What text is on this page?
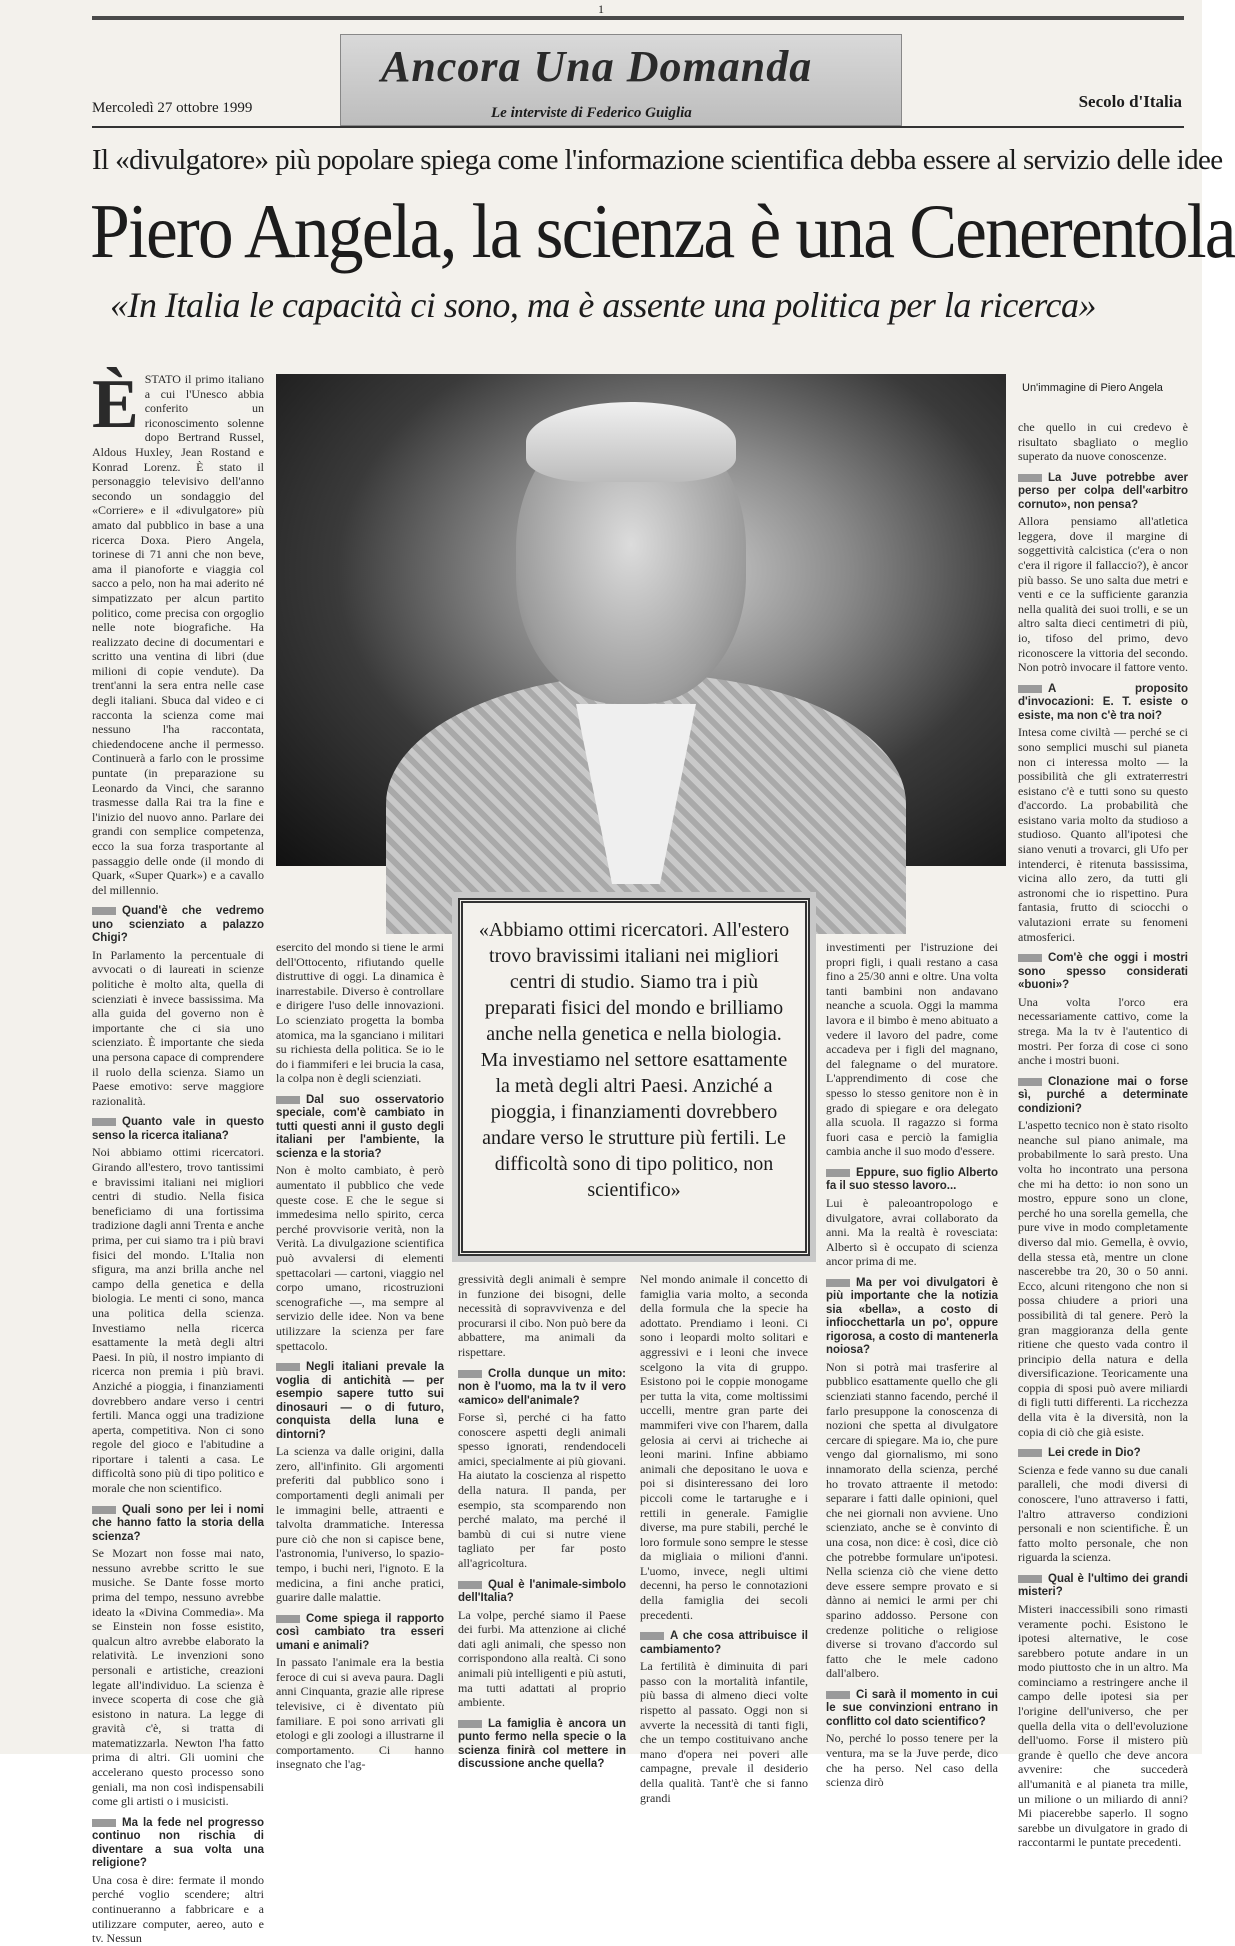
1
Ancora Una Domanda
Le interviste di Federico Guiglia
Mercoledì 27 ottobre 1999	Secolo d'Italia
Il «divulgatore» più popolare spiega come l'informazione scientifica debba essere al servizio delle idee
Piero Angela, la scienza è una Cenerentola
«In Italia le capacità ci sono, ma è assente una politica per la ricerca»
È STATO il primo italiano a cui l'Unesco abbia conferito un riconoscimento solenne dopo Bertrand Russel, Aldous Huxley, Jean Rostand e Konrad Lorenz. È stato il personaggio televisivo dell'anno secondo un sondaggio del «Corriere» e il «divulgatore» più amato dal pubblico in base a una ricerca Doxa. Piero Angela, torinese di 71 anni che non beve, ama il pianoforte e viaggia col sacco a pelo, non ha mai aderito né simpatizzato per alcun partito politico, come precisa con orgoglio nelle note biografiche. Ha realizzato decine di documentari e scritto una ventina di libri (due milioni di copie vendute). Da trent'anni la sera entra nelle case degli italiani. Sbuca dal video e ci racconta la scienza come mai nessuno l'ha raccontata, chiedendocene anche il permesso. Continuerà a farlo con le prossime puntate (in preparazione su Leonardo da Vinci, che saranno trasmesse dalla Rai tra la fine e l'inizio del nuovo anno. Parlare dei grandi con semplice competenza, ecco la sua forza trasportante al passaggio delle onde (il mondo di Quark, «Super Quark») e a cavallo del millennio.

Quand'è che vedremo uno scienziato a palazzo Chigi?

In Parlamento la percentuale di avvocati o di laureati in scienze politiche è molto alta, quella di scienziati è invece bassissima. Ma alla guida del governo non è importante che ci sia uno scienziato. È importante che sieda una persona capace di comprendere il ruolo della scienza. Siamo un Paese emotivo: serve maggiore razionalità.

Quanto vale in questo senso la ricerca italiana?

Noi abbiamo ottimi ricercatori. Girando all'estero, trovo tantissimi e bravissimi italiani nei migliori centri di studio. Nella fisica beneficiamo di una fortissima tradizione dagli anni Trenta e anche prima, per cui siamo tra i più bravi fisici del mondo. L'Italia non sfigura, ma anzi brilla anche nel campo della genetica e della biologia. Le menti ci sono, manca una politica della scienza. Investiamo nella ricerca esattamente la metà degli altri Paesi. In più, il nostro impianto di ricerca non premia i più bravi. Anziché a pioggia, i finanziamenti dovrebbero andare verso i centri fertili. Manca oggi una tradizione aperta, competitiva. Non ci sono regole del gioco e l'abitudine a riportare i talenti a casa. Le difficoltà sono più di tipo politico e morale che non scientifico.

Quali sono per lei i nomi che hanno fatto la storia della scienza?

Se Mozart non fosse mai nato, nessuno avrebbe scritto le sue musiche. Se Dante fosse morto prima del tempo, nessuno avrebbe ideato la «Divina Commedia». Ma se Einstein non fosse esistito, qualcun altro avrebbe elaborato la relatività. Le invenzioni sono personali e artistiche, creazioni legate all'individuo. La scienza è invece scoperta di cose che già esistono in natura. La legge di gravità c'è, si tratta di matematizzarla. Newton l'ha fatto prima di altri. Gli uomini che accelerano questo processo sono geniali, ma non così indispensabili come gli artisti o i musicisti.

Ma la fede nel progresso continuo non rischia di diventare a sua volta una religione?

Una cosa è dire: fermate il mondo perché voglio scendere; altri continueranno a fabbricare e a utilizzare computer, aereo, auto e tv. Nessun

Un'immagine di Piero Angela

esercito del mondo si tiene le armi dell'Ottocento, rifiutando quelle distruttive di oggi. La dinamica è inarrestabile. Diverso è controllare e dirigere l'uso delle innovazioni. Lo scienziato progetta la bomba atomica, ma la sganciano i militari su richiesta della politica. Se io le do i fiammiferi e lei brucia la casa, la colpa non è degli scienziati.

Dal suo osservatorio speciale, com'è cambiato in tutti questi anni il gusto degli italiani per l'ambiente, la scienza e la storia?

Non è molto cambiato, è però aumentato il pubblico che vede queste cose. E che le segue si immedesima nello spirito, cerca perché provvisorie verità, non la Verità. La divulgazione scientifica può avvalersi di elementi spettacolari — cartoni, viaggio nel corpo umano, ricostruzioni scenografiche —, ma sempre al servizio delle idee. Non va bene utilizzare la scienza per fare spettacolo.

Negli italiani prevale la voglia di antichità — per esempio sapere tutto sui dinosauri — o di futuro, conquista della luna e dintorni?

La scienza va dalle origini, dalla zero, all'infinito. Gli argomenti preferiti dal pubblico sono i comportamenti degli animali per le immagini belle, attraenti e talvolta drammatiche. Interessa pure ciò che non si capisce bene, l'astronomia, l'universo, lo spazio-tempo, i buchi neri, l'ignoto. E la medicina, a fini anche pratici, guarire dalle malattie.

Come spiega il rapporto così cambiato tra esseri umani e animali?

In passato l'animale era la bestia feroce di cui si aveva paura. Dagli anni Cinquanta, grazie alle riprese televisive, ci è diventato più familiare. E poi sono arrivati gli etologi e gli zoologi a illustrarne il comportamento. Ci hanno insegnato che l'ag-

«Abbiamo ottimi ricercatori. All'estero trovo bravissimi italiani nei migliori centri di studio. Siamo tra i più preparati fisici del mondo e brilliamo anche nella genetica e nella biologia. Ma investiamo nel settore esattamente la metà degli altri Paesi. Anziché a pioggia, i finanziamenti dovrebbero andare verso le strutture più fertili. Le difficoltà sono di tipo politico, non scientifico»

gressività degli animali è sempre in funzione dei bisogni, delle necessità di sopravvivenza e del procurarsi il cibo. Non può bere da abbattere, ma animali da rispettare.

Crolla dunque un mito: non è l'uomo, ma la tv il vero «amico» dell'animale?

Forse sì, perché ci ha fatto conoscere aspetti degli animali spesso ignorati, rendendoceli amici, specialmente ai più giovani. Ha aiutato la coscienza al rispetto della natura. Il panda, per esempio, sta scomparendo non perché malato, ma perché il bambù di cui si nutre viene tagliato per far posto all'agricoltura.

Qual è l'animale-simbolo dell'Italia?

La volpe, perché siamo il Paese dei furbi. Ma attenzione ai cliché dati agli animali, che spesso non corrispondono alla realtà. Ci sono animali più intelligenti e più astuti, ma tutti adattati al proprio ambiente.

La famiglia è ancora un punto fermo nella specie o la scienza finirà col mettere in discussione anche quella?

Nel mondo animale il concetto di famiglia varia molto, a seconda della formula che la specie ha adottato. Prendiamo i leoni. Ci sono i leopardi molto solitari e aggressivi e i leoni che invece scelgono la vita di gruppo. Esistono poi le coppie monogame per tutta la vita, come moltissimi uccelli, mentre gran parte dei mammiferi vive con l'harem, dalla gelosia ai cervi ai tricheche ai leoni marini. Infine abbiamo animali che depositano le uova e poi si disinteressano dei loro piccoli come le tartarughe e i rettili in generale. Famiglie diverse, ma pure stabili, perché le loro formule sono sempre le stesse da migliaia o milioni d'anni. L'uomo, invece, negli ultimi decenni, ha perso le connotazioni della famiglia dei secoli precedenti.

A che cosa attribuisce il cambiamento?

La fertilità è diminuita di pari passo con la mortalità infantile, più bassa di almeno dieci volte rispetto al passato. Oggi non si avverte la necessità di tanti figli, che un tempo costituivano anche mano d'opera nei poveri alle campagne, prevale il desiderio della qualità. Tant'è che si fanno grandi

investimenti per l'istruzione dei propri figli, i quali restano a casa fino a 25/30 anni e oltre. Una volta tanti bambini non andavano neanche a scuola. Oggi la mamma lavora e il bimbo è meno abituato a vedere il lavoro del padre, come accadeva per i figli del magnano, del falegname o del muratore. L'apprendimento di cose che spesso lo stesso genitore non è in grado di spiegare e ora delegato alla scuola. Il ragazzo si forma fuori casa e perciò la famiglia cambia anche il suo modo d'essere.

Eppure, suo figlio Alberto fa il suo stesso lavoro...

Lui è paleoantropologo e divulgatore, avrai collaborato da anni. Ma la realtà è rovesciata: Alberto sì è occupato di scienza ancor prima di me.

Ma per voi divulgatori è più importante che la notizia sia «bella», a costo di infiocchettarla un po', oppure rigorosa, a costo di mantenerla noiosa?

Non si potrà mai trasferire al pubblico esattamente quello che gli scienziati stanno facendo, perché il farlo presuppone la conoscenza di nozioni che spetta al divulgatore cercare di spiegare. Ma io, che pure vengo dal giornalismo, mi sono innamorato della scienza, perché ho trovato attraente il metodo: separare i fatti dalle opinioni, quel che nei giornali non avviene. Uno scienziato, anche se è convinto di una cosa, non dice: è così, dice ciò che potrebbe formulare un'ipotesi. Nella scienza ciò che viene detto deve essere sempre provato e si dànno ai nemici le armi per chi sparino addosso. Persone con credenze politiche o religiose diverse si trovano d'accordo sul fatto che le mele cadono dall'albero.

Ci sarà il momento in cui le sue convinzioni entrano in conflitto col dato scientifico?

No, perché lo posso tenere per la ventura, ma se la Juve perde, dico che ha perso. Nel caso della scienza dirò

che quello in cui credevo è risultato sbagliato o meglio superato da nuove conoscenze.

La Juve potrebbe aver perso per colpa dell'«arbitro cornuto», non pensa?

Allora pensiamo all'atletica leggera, dove il margine di soggettività calcistica (c'era o non c'era il rigore il fallaccio?), è ancor più basso. Se uno salta due metri e venti e ce la sufficiente garanzia nella qualità dei suoi trolli, e se un altro salta dieci centimetri di più, io, tifoso del primo, devo riconoscere la vittoria del secondo. Non potrò invocare il fattore vento.

A proposito d'invocazioni: E. T. esiste o esiste, ma non c'è tra noi?

Intesa come civiltà — perché se ci sono semplici muschi sul pianeta non ci interessa molto — la possibilità che gli extraterrestri esistano c'è e tutti sono su questo d'accordo. La probabilità che esistano varia molto da studioso a studioso. Quanto all'ipotesi che siano venuti a trovarci, gli Ufo per intenderci, è ritenuta bassissima, vicina allo zero, da tutti gli astronomi che io rispettino. Pura fantasia, frutto di sciocchi o valutazioni errate su fenomeni atmosferici.

Com'è che oggi i mostri sono spesso considerati «buoni»?

Una volta l'orco era necessariamente cattivo, come la strega. Ma la tv è l'autentico di mostri. Per forza di cose ci sono anche i mostri buoni.

Clonazione mai o forse sì, purché a determinate condizioni?

L'aspetto tecnico non è stato risolto neanche sul piano animale, ma probabilmente lo sarà presto. Una volta ho incontrato una persona che mi ha detto: io non sono un mostro, eppure sono un clone, perché ho una sorella gemella, che pure vive in modo completamente diverso dal mio. Gemella, è ovvio, della stessa età, mentre un clone nascerebbe tra 20, 30 o 50 anni. Ecco, alcuni ritengono che non si possa chiudere a priori una possibilità di tal genere. Però la gran maggioranza della gente ritiene che questo vada contro il principio della natura e della diversificazione. Teoricamente una coppia di sposi può avere miliardi di figli tutti differenti. La ricchezza della vita è la diversità, non la copia di ciò che già esiste.

Lei crede in Dio?

Scienza e fede vanno su due canali paralleli, che modi diversi di conoscere, l'uno attraverso i fatti, l'altro attraverso condizioni personali e non scientifiche. È un fatto molto personale, che non riguarda la scienza.

Qual è l'ultimo dei grandi misteri?

Misteri inaccessibili sono rimasti veramente pochi. Esistono le ipotesi alternative, le cose sarebbero potute andare in un modo piuttosto che in un altro. Ma cominciamo a restringere anche il campo delle ipotesi sia per l'origine dell'universo, che per quella della vita o dell'evoluzione dell'uomo. Forse il mistero più grande è quello che deve ancora avvenire: che succederà all'umanità e al pianeta tra mille, un milione o un miliardo di anni? Mi piacerebbe saperlo. Il sogno sarebbe un divulgatore in grado di raccontarmi le puntate precedenti.
